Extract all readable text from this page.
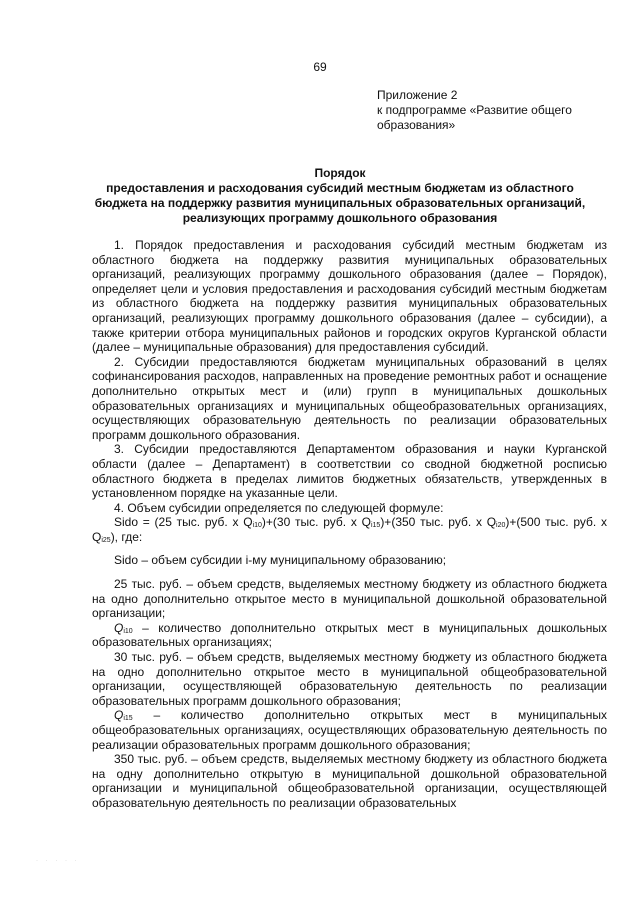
69
Приложение 2
к подпрограмме «Развитие общего
образования»
Порядок
предоставления и расходования субсидий местным бюджетам из областного
бюджета на поддержку развития муниципальных образовательных организаций,
реализующих программу дошкольного образования

1. Порядок предоставления и расходования субсидий местным бюджетам из областного бюджета на поддержку развития муниципальных образовательных организаций, реализующих программу дошкольного образования (далее – Порядок), определяет цели и условия предоставления и расходования субсидий местным бюджетам из областного бюджета на поддержку развития муниципальных образовательных организаций, реализующих программу дошкольного образования (далее – субсидии), а также критерии отбора муниципальных районов и городских округов Курганской области (далее – муниципальные образования) для предоставления субсидий.

2. Субсидии предоставляются бюджетам муниципальных образований в целях софинансирования расходов, направленных на проведение ремонтных работ и оснащение дополнительно открытых мест и (или) групп в муниципальных дошкольных образовательных организациях и муниципальных общеобразовательных организациях, осуществляющих образовательную деятельность по реализации образовательных программ дошкольного образования.

3. Субсидии предоставляются Департаментом образования и науки Курганской области (далее – Департамент) в соответствии со сводной бюджетной росписью областного бюджета в пределах лимитов бюджетных обязательств, утвержденных в установленном порядке на указанные цели.

4. Объем субсидии определяется по следующей формуле:

Sido = (25 тыс. руб. x $Q_{i10})+(30$ тыс. руб. x $Q_{i15})+(350$ тыс. руб. x $Q_{i20})+(500$ тыс. руб. x $Q_{i25}$), где:

Sido – объем субсидии i-му муниципальному образованию;

25 тыс. руб. – объем средств, выделяемых местному бюджету из областного бюджета на одно дополнительно открытое место в муниципальной дошкольной образовательной организации;

$Q_{i10}$ – количество дополнительно открытых мест в муниципальных дошкольных образовательных организациях;

30 тыс. руб. – объем средств, выделяемых местному бюджету из областного бюджета на одно дополнительно открытое место в муниципальной общеобразовательной организации, осуществляющей образовательную деятельность по реализации образовательных программ дошкольного образования;

$Q_{i15}$ – количество дополнительно открытых мест в муниципальных общеобразовательных организациях, осуществляющих образовательную деятельность по реализации образовательных программ дошкольного образования;

350 тыс. руб. – объем средств, выделяемых местному бюджету из областного бюджета на одну дополнительно открытую в муниципальной дошкольной образовательной организации и муниципальной общеобразовательной организации, осуществляющей образовательную деятельность по реализации образовательных

· · · · ·
